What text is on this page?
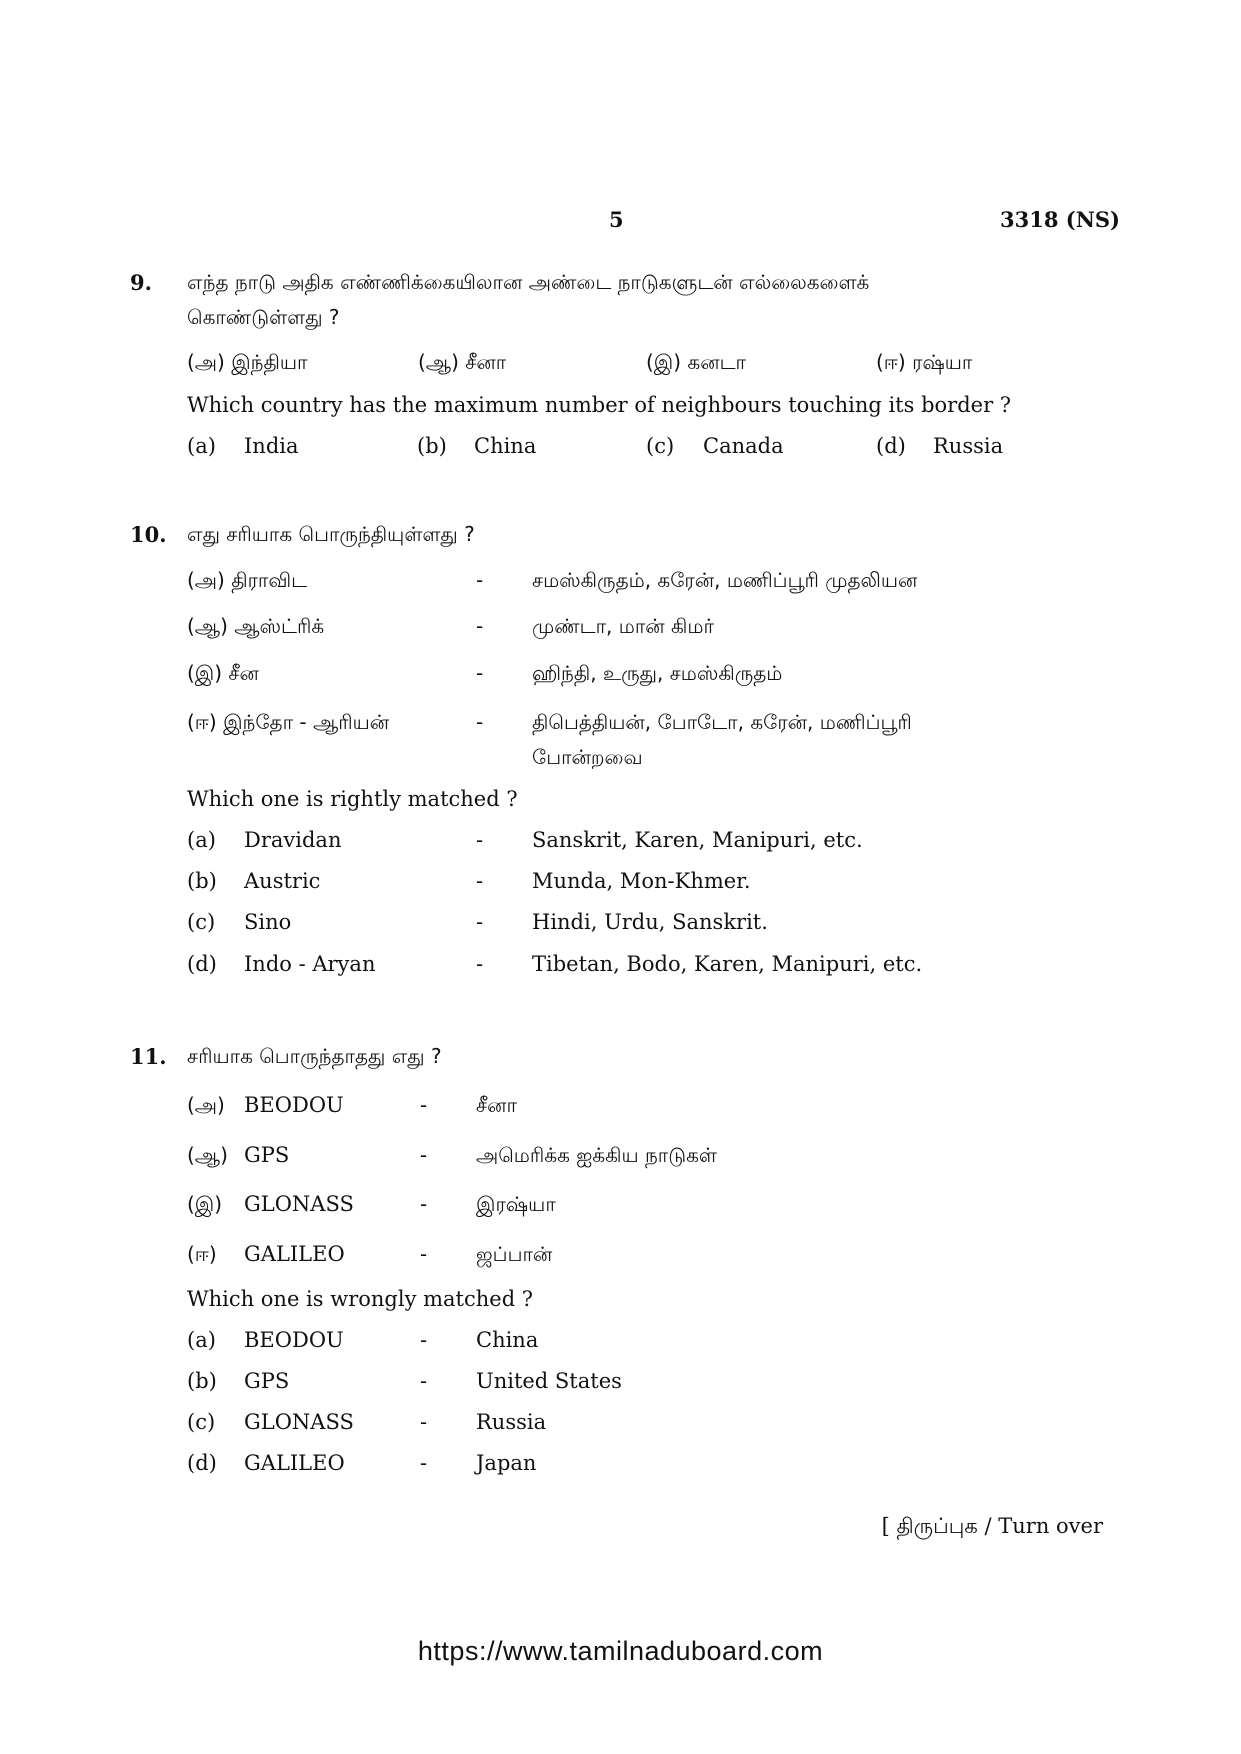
5	3318 (NS)
9. எந்த நாடு அதிக எண்ணிக்கையிலான அண்டை நாடுகளுடன் எல்லைகளைக்
கொண்டுள்ளது ?
(அ) இந்தியா	(ஆ) சீனா	(இ) கனடா	(ஈ) ரஷ்யா
Which country has the maximum number of neighbours touching its border ?
(a) India	(b) China	(c) Canada	(d) Russia
10. எது சரியாக பொருந்தியுள்ளது ?
(அ) திராவிட	- சமஸ்கிருதம், கரேன், மணிப்பூரி முதலியன
(ஆ) ஆஸ்ட்ரிக்	- முண்டா, மான் கிமர்
(இ) சீன	- ஹிந்தி, உருது, சமஸ்கிருதம்
(ஈ) இந்தோ - ஆரியன்	- திபெத்தியன், போடோ, கரேன், மணிப்பூரி
போன்றவை
Which one is rightly matched ?
(a) Dravidan	- Sanskrit, Karen, Manipuri, etc.
(b) Austric	- Munda, Mon-Khmer.
(c) Sino	- Hindi, Urdu, Sanskrit.
(d) Indo - Aryan	- Tibetan, Bodo, Karen, Manipuri, etc.
11. சரியாக பொருந்தாதது எது ?
(அ) BEODOU	- சீனா
(ஆ) GPS	- அமெரிக்க ஐக்கிய நாடுகள்
(இ) GLONASS	- இரஷ்யா
(ஈ) GALILEO	- ஜப்பான்
Which one is wrongly matched ?
(a) BEODOU	- China
(b) GPS	- United States
(c) GLONASS	- Russia
(d) GALILEO	- Japan
[ திருப்புக / Turn over
https://www.tamilnaduboard.com
